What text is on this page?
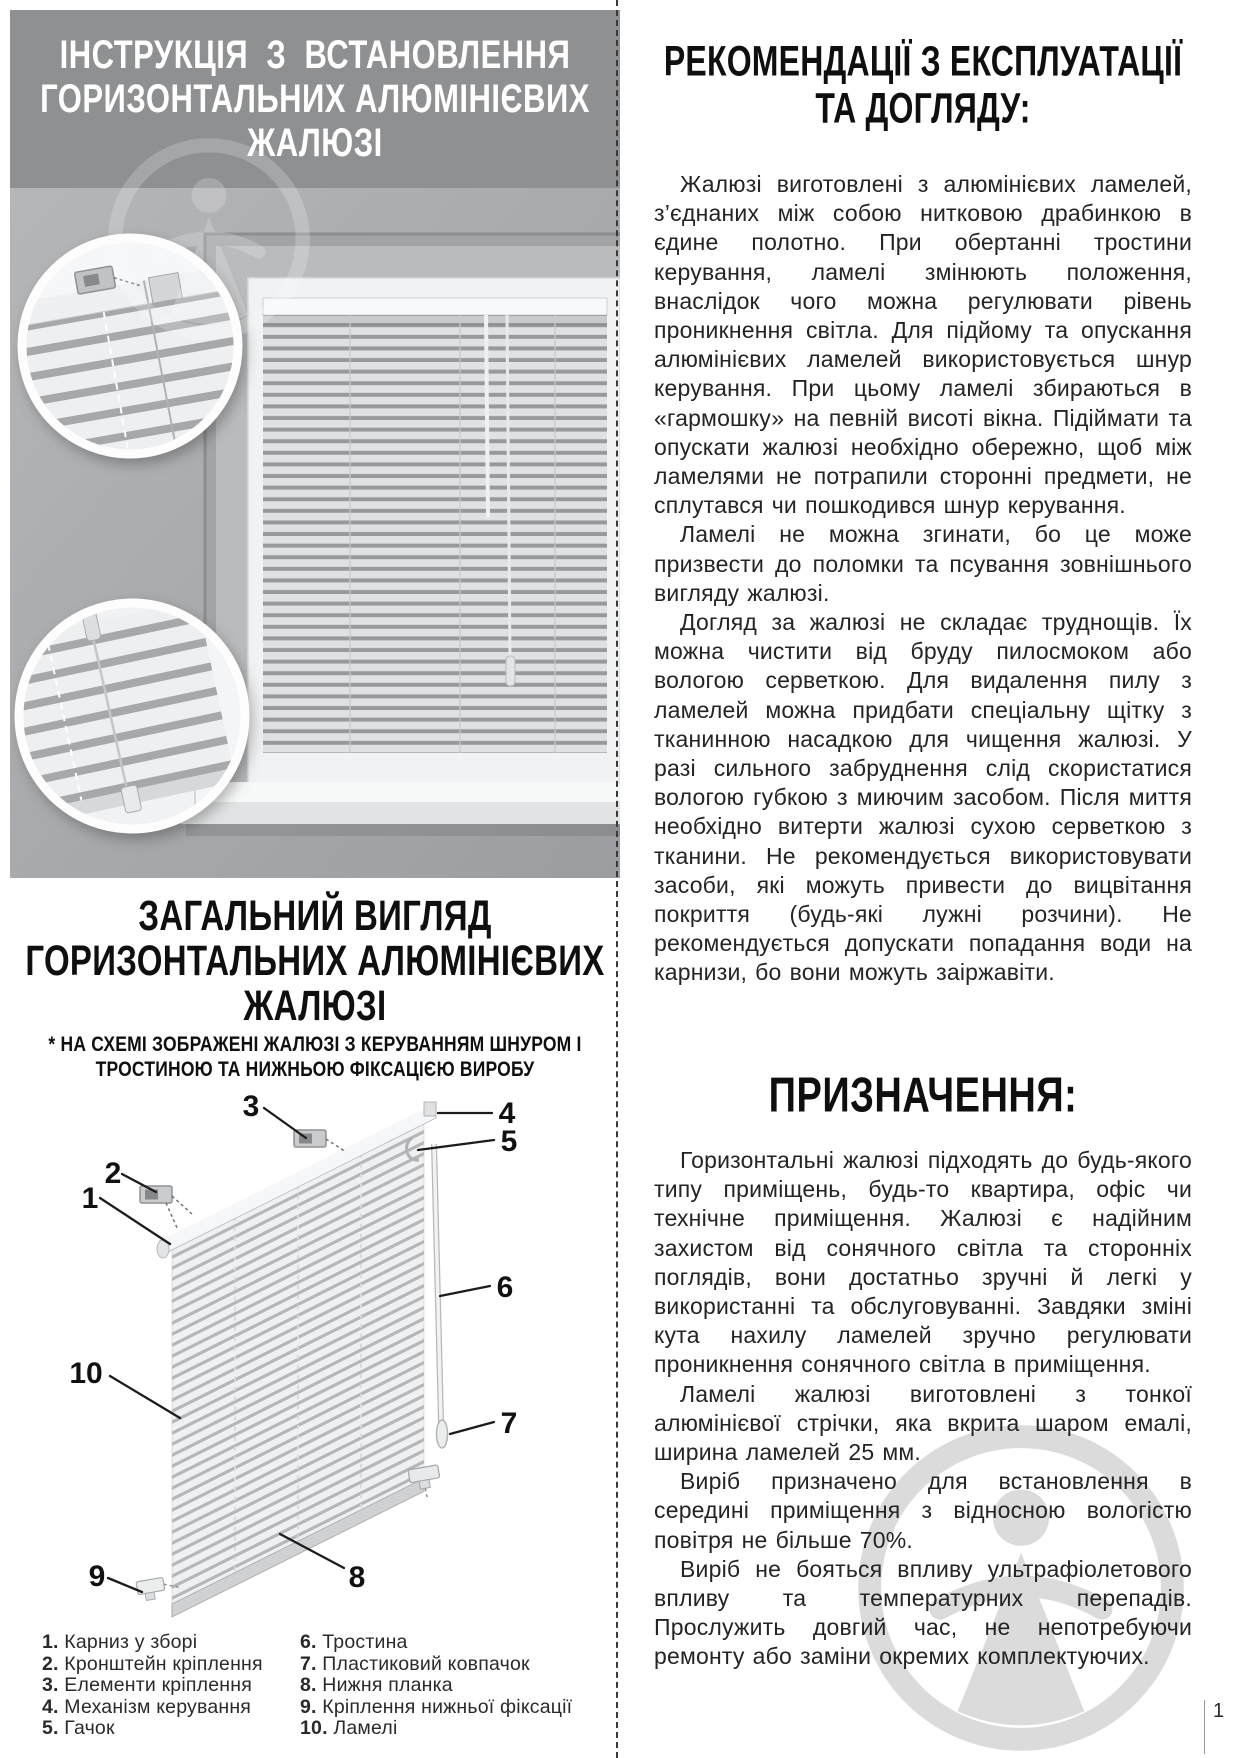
ІНСТРУКЦІЯ  З  ВСТАНОВЛЕННЯ
ГОРИЗОНТАЛЬНИХ АЛЮМІНІЄВИХ
ЖАЛЮЗІ
ЗАГАЛЬНИЙ ВИГЛЯД
ГОРИЗОНТАЛЬНИХ АЛЮМІНІЄВИХ
ЖАЛЮЗІ
* НА СХЕМІ ЗОБРАЖЕНІ ЖАЛЮЗІ З КЕРУВАННЯМ ШНУРОМ І
ТРОСТИНОЮ ТА НИЖНЬОЮ ФІКСАЦІЄЮ ВИРОБУ
1
2
3	4
5
6
7
8
9
10
1. Карниз у зборі
2. Кронштейн кріплення
3. Елементи кріплення
4. Механізм керування
5. Гачок
6. Тростина
7. Пластиковий ковпачок
8. Нижня планка
9. Кріплення нижньої фіксації
10. Ламелі
РЕКОМЕНДАЦІЇ З ЕКСПЛУАТАЦІЇ
ТА ДОГЛЯДУ:

Жалюзі виготовлені з алюмінієвих ламелей, з’єднаних між собою нитковою драбинкою в єдине полотно. При обертанні тростини керування, ламелі змінюють положення, внаслідок чого можна регулювати рівень проникнення світла. Для підйому та опускання алюмінієвих ламелей використовується шнур керування. При цьому ламелі збираються в «гармошку» на певній висоті вікна. Підіймати та опускати жалюзі необхідно обережно, щоб між ламелями не потрапили сторонні предмети, не сплутався чи пошкодився шнур керування.

Ламелі не можна згинати, бо це може призвести до поломки та псування зовнішнього вигляду жалюзі.

Догляд за жалюзі не складає труднощів. Їх можна чистити від бруду пилосмоком або вологою серветкою. Для видалення пилу з ламелей можна придбати спеціальну щітку з тканинною насадкою для чищення жалюзі. У разі сильного забруднення слід скористатися вологою губкою з миючим засобом. Після миття необхідно витерти жалюзі сухою серветкою з тканини. Не рекомендується використовувати засоби, які можуть привести до вицвітання покриття (будь-які лужні розчини). Не рекомендується допускати попадання води на карнизи, бо вони можуть заіржавіти.

ПРИЗНАЧЕННЯ:

Горизонтальні жалюзі підходять до будь-якого типу приміщень, будь-то квартира, офіс чи технічне приміщення. Жалюзі є надійним захистом від сонячного світла та сторонніх поглядів, вони достатньо зручні й легкі у використанні та обслуговуванні. Завдяки зміні кута нахилу ламелей зручно регулювати проникнення сонячного світла в приміщення.

Ламелі жалюзі виготовлені з тонкої алюмінієвої стрічки, яка вкрита шаром емалі, ширина ламелей 25 мм.

Виріб призначено для встановлення в середині приміщення з відносною вологістю повітря не більше 70%.

Виріб не бояться впливу ультрафіолетового впливу та температурних перепадів. Прослужить довгий час, не непотребуючи ремонту або заміни окремих комплектуючих.

1
